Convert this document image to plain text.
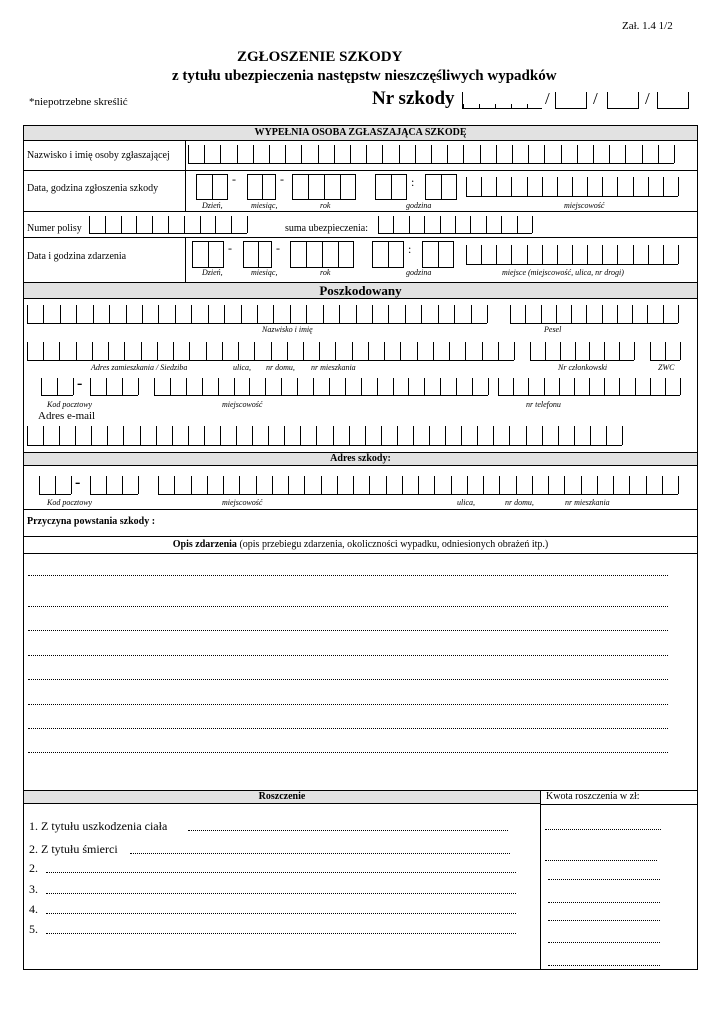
Zał. 1.4 1/2
ZGŁOSZENIE SZKODY
z tytułu ubezpieczenia następstw nieszczęśliwych wypadków
*niepotrzebne skreślić	Nr szkody	/	/	/
WYPEŁNIA OSOBA ZGŁASZAJĄCA SZKODĘ
Nazwisko i imię osoby zgłaszającej
Data, godzina zgłoszenia szkody
-	-	:
Dzień,	miesiąc,	rok	godzina	miejscowość
Numer polisy	suma ubezpieczenia:
Data i godzina zdarzenia
-	-	:
Dzień,	miesiąc,	rok	godzina	miejsce (miejscowość, ulica, nr drogi)
Poszkodowany
Nazwisko i imię	Pesel
Adres zamieszkania / Siedziba	ulica, nr domu, nr mieszkania	Nr członkowski	ZWC
-
Kod pocztowy	miejscowość	nr telefonu
Adres e-mail
Adres szkody:
-
Kod pocztowy	miejscowość	ulica,	nr domu,	nr mieszkania
Przyczyna powstania szkody :
Opis zdarzenia (opis przebiegu zdarzenia, okoliczności wypadku, odniesionych obrażeń itp.)
Roszczenie	Kwota roszczenia w zł:
1. Z tytułu uszkodzenia ciała
2. Z tytułu śmierci
2.
3.
4.
5.
